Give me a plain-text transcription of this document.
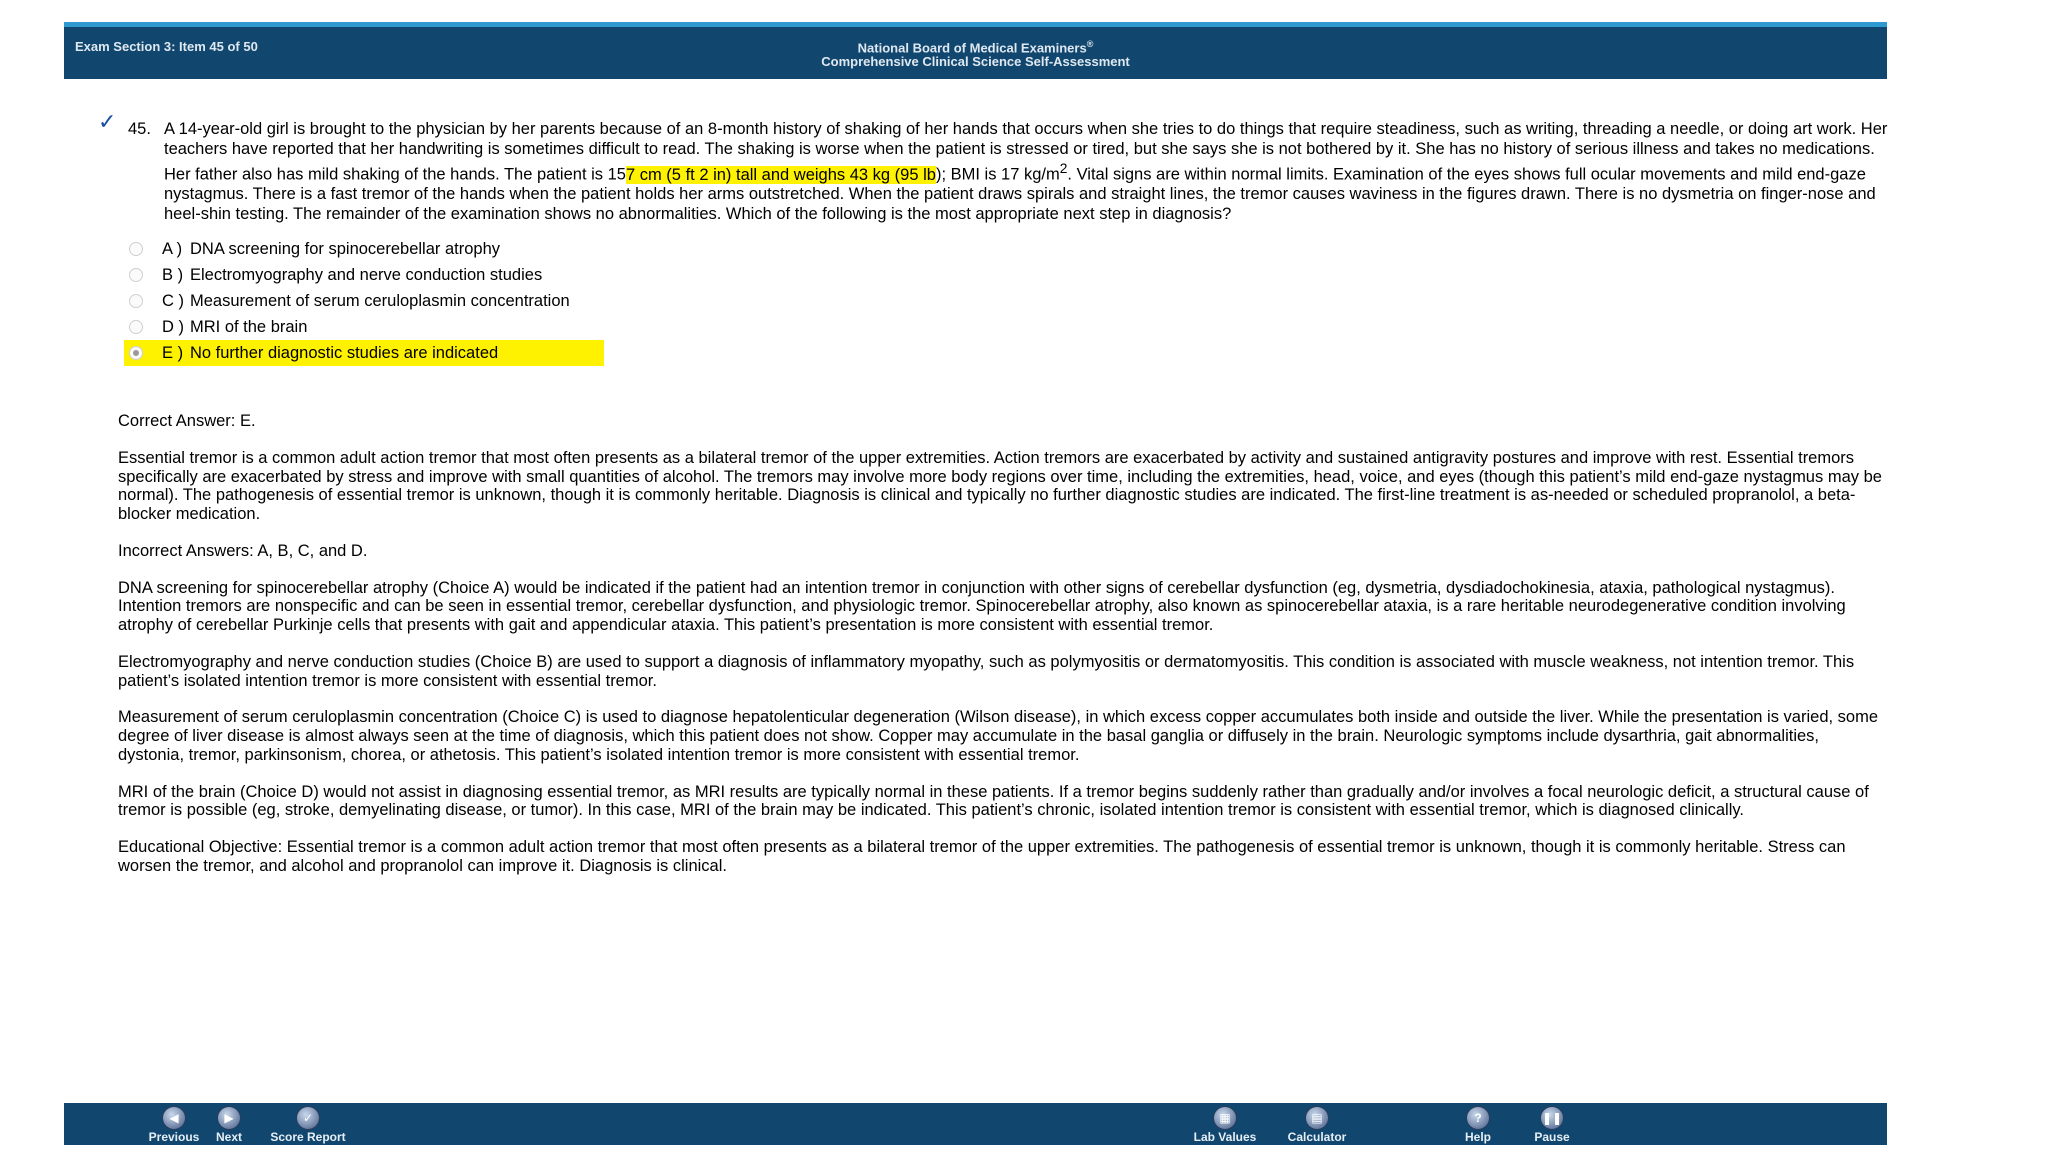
Exam Section 3: Item 45 of 50	National Board of Medical Examiners®
Comprehensive Clinical Science Self-Assessment
✓ 45. A 14-year-old girl is brought to the physician by her parents because of an 8-month history of shaking of her hands that occurs when she tries to do things that require steadiness, such as writing, threading a needle, or doing art work. Her teachers have reported that her handwriting is sometimes difficult to read. The shaking is worse when the patient is stressed or tired, but she says she is not bothered by it. She has no history of serious illness and takes no medications. Her father also has mild shaking of the hands. The patient is 157 cm (5 ft 2 in) tall and weighs 43 kg (95 lb); BMI is 17 $kg/m^2$. Vital signs are within normal limits. Examination of the eyes shows full ocular movements and mild end-gaze nystagmus. There is a fast tremor of the hands when the patient holds her arms outstretched. When the patient draws spirals and straight lines, the tremor causes waviness in the figures drawn. There is no dysmetria on finger-nose and heel-shin testing. The remainder of the examination shows no abnormalities. Which of the following is the most appropriate next step in diagnosis?
A ) DNA screening for spinocerebellar atrophy
B ) Electromyography and nerve conduction studies
C ) Measurement of serum ceruloplasmin concentration
D ) MRI of the brain
E ) No further diagnostic studies are indicated

Correct Answer: E.

Essential tremor is a common adult action tremor that most often presents as a bilateral tremor of the upper extremities. Action tremors are exacerbated by activity and sustained antigravity postures and improve with rest. Essential tremors specifically are exacerbated by stress and improve with small quantities of alcohol. The tremors may involve more body regions over time, including the extremities, head, voice, and eyes (though this patient’s mild end-gaze nystagmus may be normal). The pathogenesis of essential tremor is unknown, though it is commonly heritable. Diagnosis is clinical and typically no further diagnostic studies are indicated. The first-line treatment is as-needed or scheduled propranolol, a beta-blocker medication.

Incorrect Answers: A, B, C, and D.

DNA screening for spinocerebellar atrophy (Choice A) would be indicated if the patient had an intention tremor in conjunction with other signs of cerebellar dysfunction (eg, dysmetria, dysdiadochokinesia, ataxia, pathological nystagmus). Intention tremors are nonspecific and can be seen in essential tremor, cerebellar dysfunction, and physiologic tremor. Spinocerebellar atrophy, also known as spinocerebellar ataxia, is a rare heritable neurodegenerative condition involving atrophy of cerebellar Purkinje cells that presents with gait and appendicular ataxia. This patient’s presentation is more consistent with essential tremor.

Electromyography and nerve conduction studies (Choice B) are used to support a diagnosis of inflammatory myopathy, such as polymyositis or dermatomyositis. This condition is associated with muscle weakness, not intention tremor. This patient’s isolated intention tremor is more consistent with essential tremor.

Measurement of serum ceruloplasmin concentration (Choice C) is used to diagnose hepatolenticular degeneration (Wilson disease), in which excess copper accumulates both inside and outside the liver. While the presentation is varied, some degree of liver disease is almost always seen at the time of diagnosis, which this patient does not show. Copper may accumulate in the basal ganglia or diffusely in the brain. Neurologic symptoms include dysarthria, gait abnormalities, dystonia, tremor, parkinsonism, chorea, or athetosis. This patient’s isolated intention tremor is more consistent with essential tremor.

MRI of the brain (Choice D) would not assist in diagnosing essential tremor, as MRI results are typically normal in these patients. If a tremor begins suddenly rather than gradually and/or involves a focal neurologic deficit, a structural cause of tremor is possible (eg, stroke, demyelinating disease, or tumor). In this case, MRI of the brain may be indicated. This patient’s chronic, isolated intention tremor is consistent with essential tremor, which is diagnosed clinically.

Educational Objective: Essential tremor is a common adult action tremor that most often presents as a bilateral tremor of the upper extremities. The pathogenesis of essential tremor is unknown, though it is commonly heritable. Stress can worsen the tremor, and alcohol and propranolol can improve it. Diagnosis is clinical.

◀
Previous
▶
Next
✓
Score Report
▦
Lab Values
▤
Calculator
?
Help
❚❚
Pause
